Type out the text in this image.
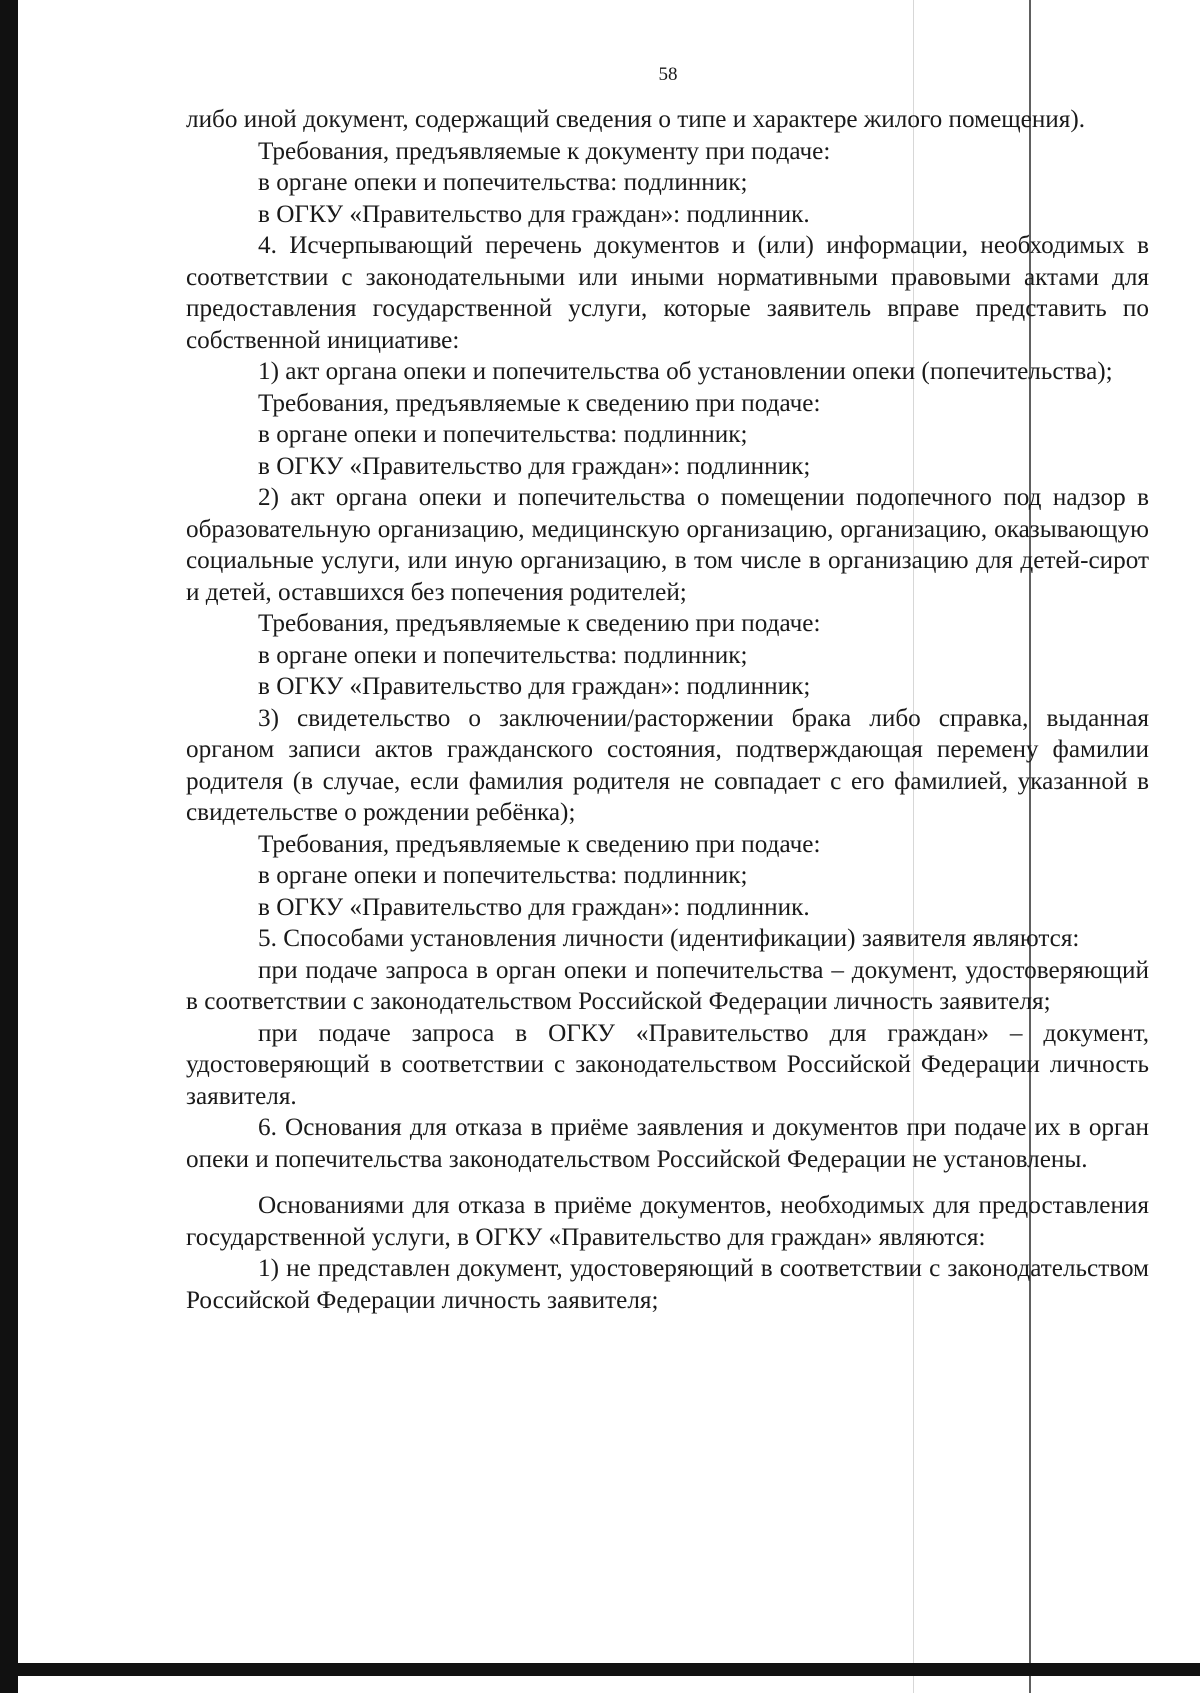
58

либо иной документ, содержащий сведения о типе и характере жилого помещения).

Требования, предъявляемые к документу при подаче:

в органе опеки и попечительства: подлинник;

в ОГКУ «Правительство для граждан»: подлинник.

4. Исчерпывающий перечень документов и (или) информации, необходимых в соответствии с законодательными или иными нормативными правовыми актами для предоставления государственной услуги, которые заявитель вправе представить по собственной инициативе:

1) акт органа опеки и попечительства об установлении опеки (попечительства);

Требования, предъявляемые к сведению при подаче:

в органе опеки и попечительства: подлинник;

в ОГКУ «Правительство для граждан»: подлинник;

2) акт органа опеки и попечительства о помещении подопечного под надзор в образовательную организацию, медицинскую организацию, организацию, оказывающую социальные услуги, или иную организацию, в том числе в организацию для детей-сирот и детей, оставшихся без попечения родителей;

Требования, предъявляемые к сведению при подаче:

в органе опеки и попечительства: подлинник;

в ОГКУ «Правительство для граждан»: подлинник;

3) свидетельство о заключении/расторжении брака либо справка, выданная органом записи актов гражданского состояния, подтверждающая перемену фамилии родителя (в случае, если фамилия родителя не совпадает с его фамилией, указанной в свидетельстве о рождении ребёнка);

Требования, предъявляемые к сведению при подаче:

в органе опеки и попечительства: подлинник;

в ОГКУ «Правительство для граждан»: подлинник.

5. Способами установления личности (идентификации) заявителя являются:

при подаче запроса в орган опеки и попечительства – документ, удостоверяющий в соответствии с законодательством Российской Федерации личность заявителя;

при подаче запроса в ОГКУ «Правительство для граждан» – документ, удостоверяющий в соответствии с законодательством Российской Федерации личность заявителя.

6. Основания для отказа в приёме заявления и документов при подаче их в орган опеки и попечительства законодательством Российской Федерации не установлены.

Основаниями для отказа в приёме документов, необходимых для предоставления государственной услуги, в ОГКУ «Правительство для граждан» являются:

1) не представлен документ, удостоверяющий в соответствии с законодательством Российской Федерации личность заявителя;
